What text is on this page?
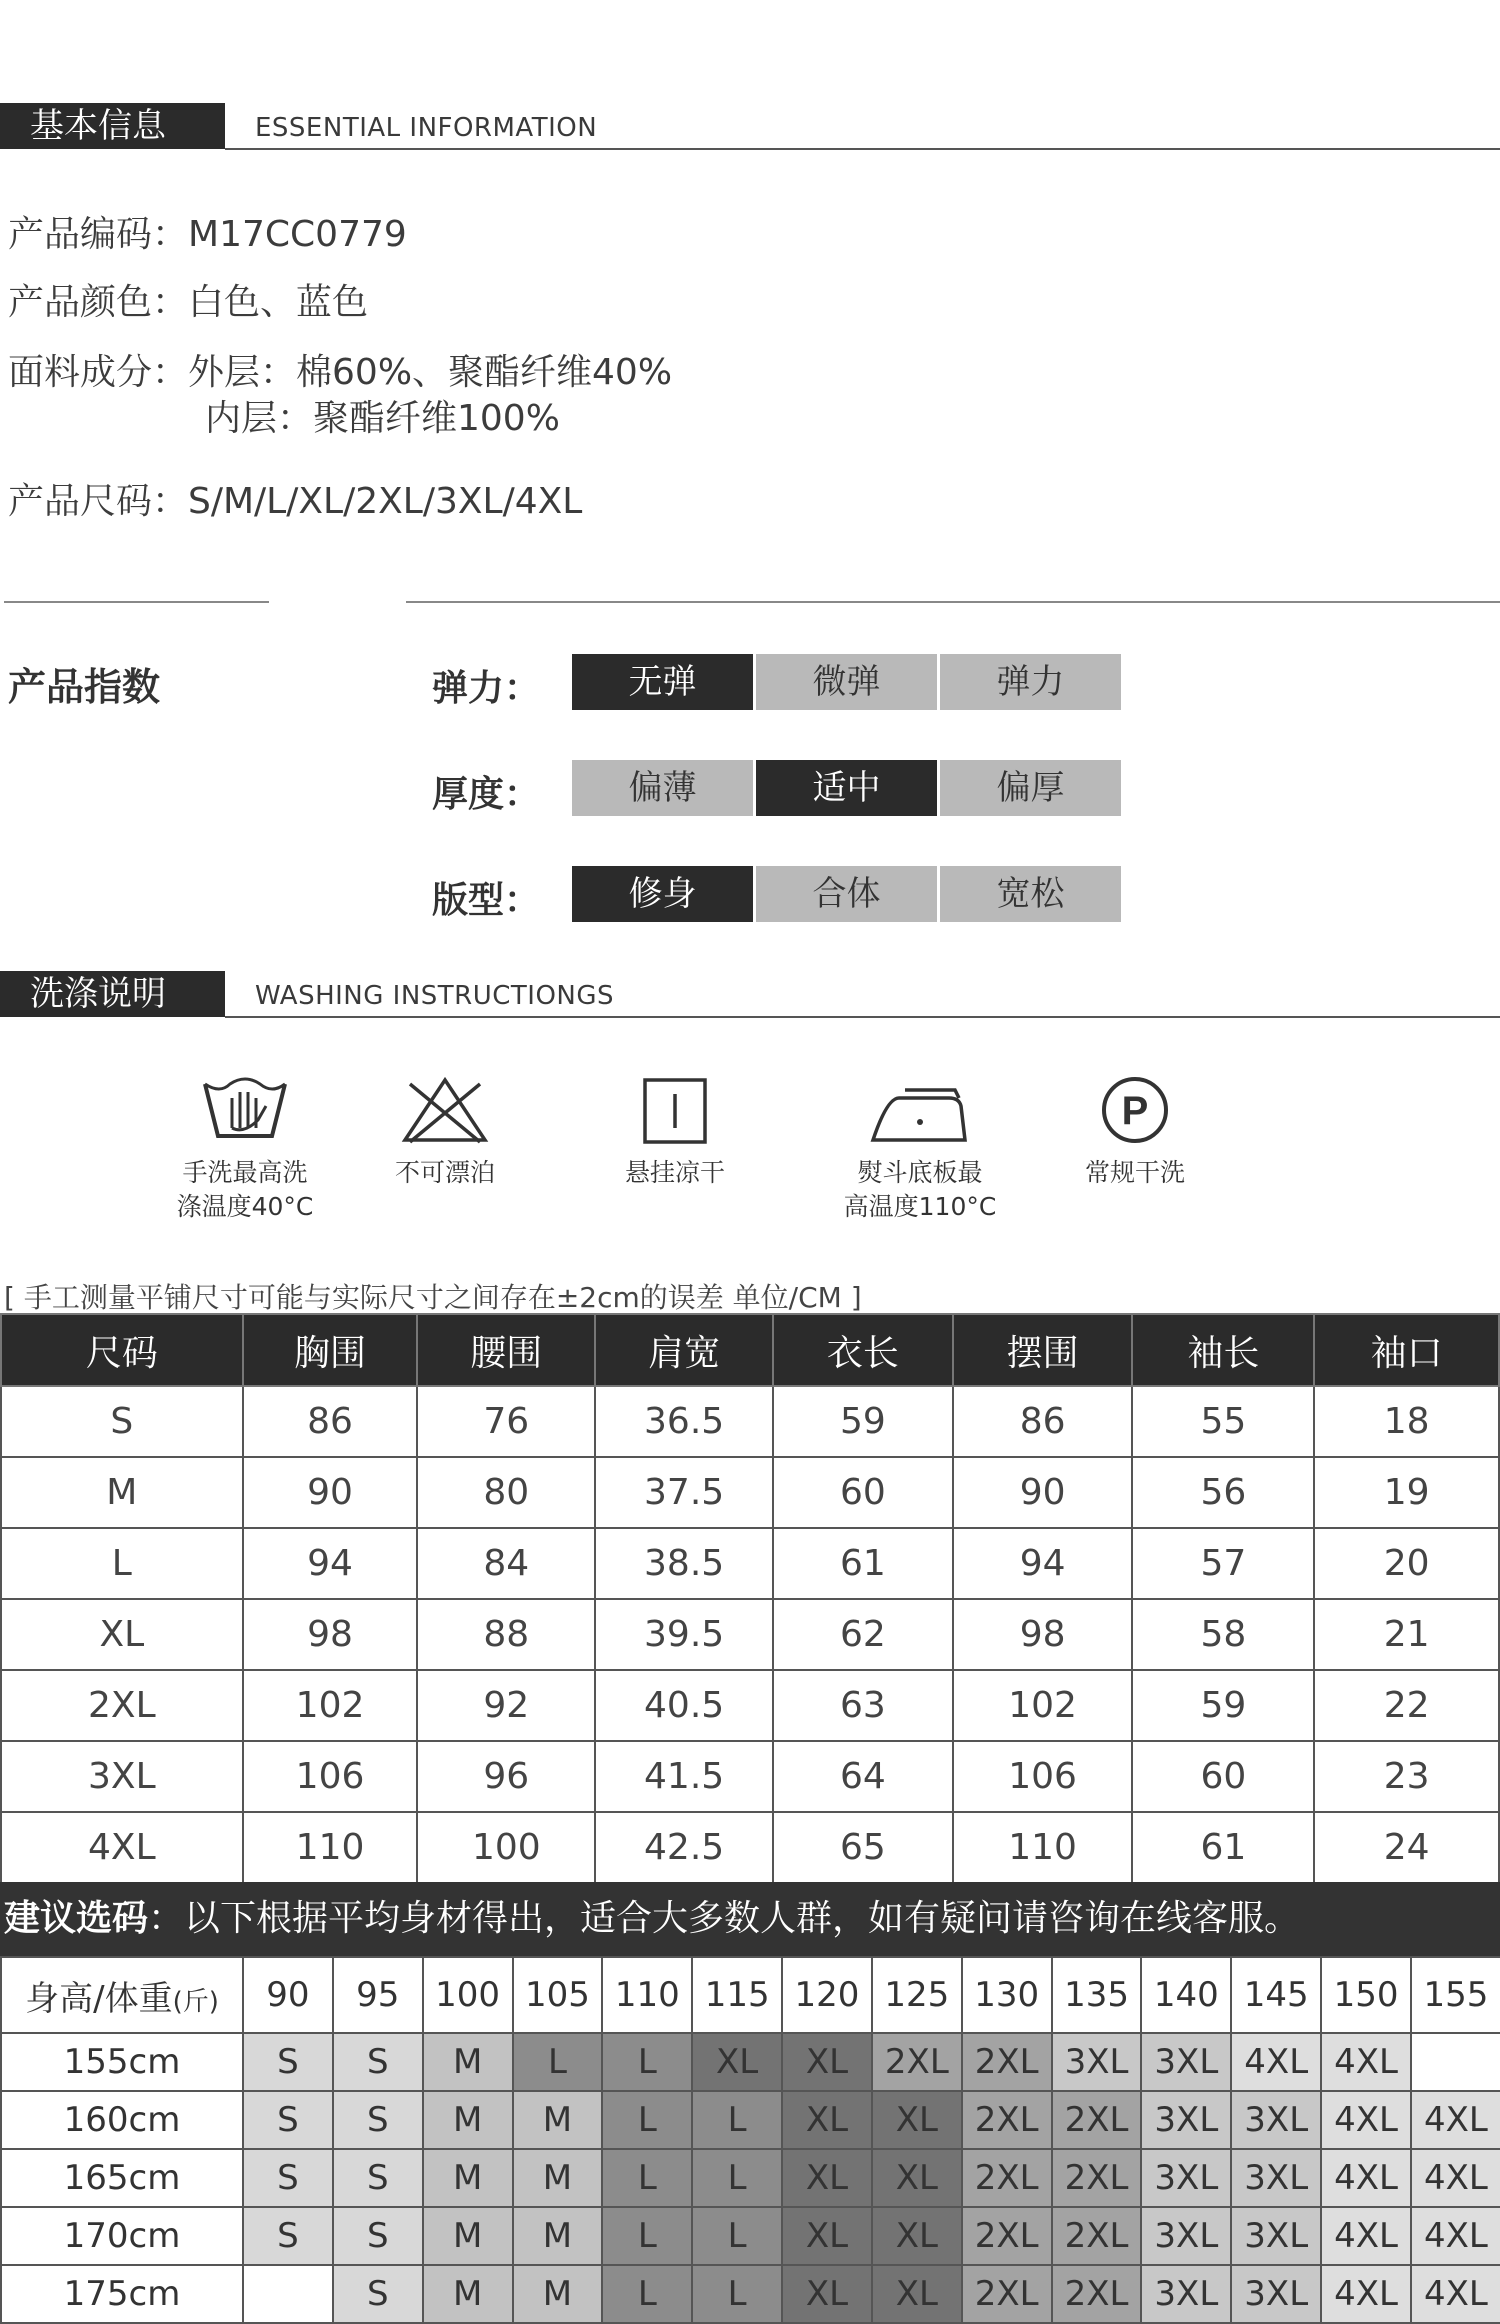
基本信息	ESSENTIAL INFORMATION
产品编码：M17CC0779
产品颜色：白色、蓝色
面料成分：外层：棉60%、聚酯纤维40%
内层：聚酯纤维100%
产品尺码：S/M/L/XL/2XL/3XL/4XL
产品指数	弹力：	无弹	微弹	弹力
厚度：	偏薄	适中	偏厚
版型：	修身	合体	宽松
洗涤说明	WASHING INSTRUCTIONGS
手洗最高洗
涤温度40°C
不可漂泊	悬挂凉干	熨斗底板最
高温度110°C
P
常规干洗
[ 手工测量平铺尺寸可能与实际尺寸之间存在±2cm的误差 单位/CM ]
尺码	胸围	腰围	肩宽	衣长	摆围	袖长	袖口
S	86	76	36.5	59	86	55	18
M	90	80	37.5	60	90	56	19
L	94	84	38.5	61	94	57	20
XL	98	88	39.5	62	98	58	21
2XL	102	92	40.5	63	102	59	22
3XL	106	96	41.5	64	106	60	23
4XL	110	100	42.5	65	110	61	24
建议选码：以下根据平均身材得出，适合大多数人群，如有疑问请咨询在线客服。
身高/体重(斤)	90	95	100	105	110	115	120	125	130	135	140	145	150	155
155cm	S	S	M	L	L	XL	XL	2XL	2XL	3XL	3XL	4XL	4XL	
160cm	S	S	M	M	L	L	XL	XL	2XL	2XL	3XL	3XL	4XL	4XL
165cm	S	S	M	M	L	L	XL	XL	2XL	2XL	3XL	3XL	4XL	4XL
170cm	S	S	M	M	L	L	XL	XL	2XL	2XL	3XL	3XL	4XL	4XL
175cm		S	M	M	L	L	XL	XL	2XL	2XL	3XL	3XL	4XL	4XL
